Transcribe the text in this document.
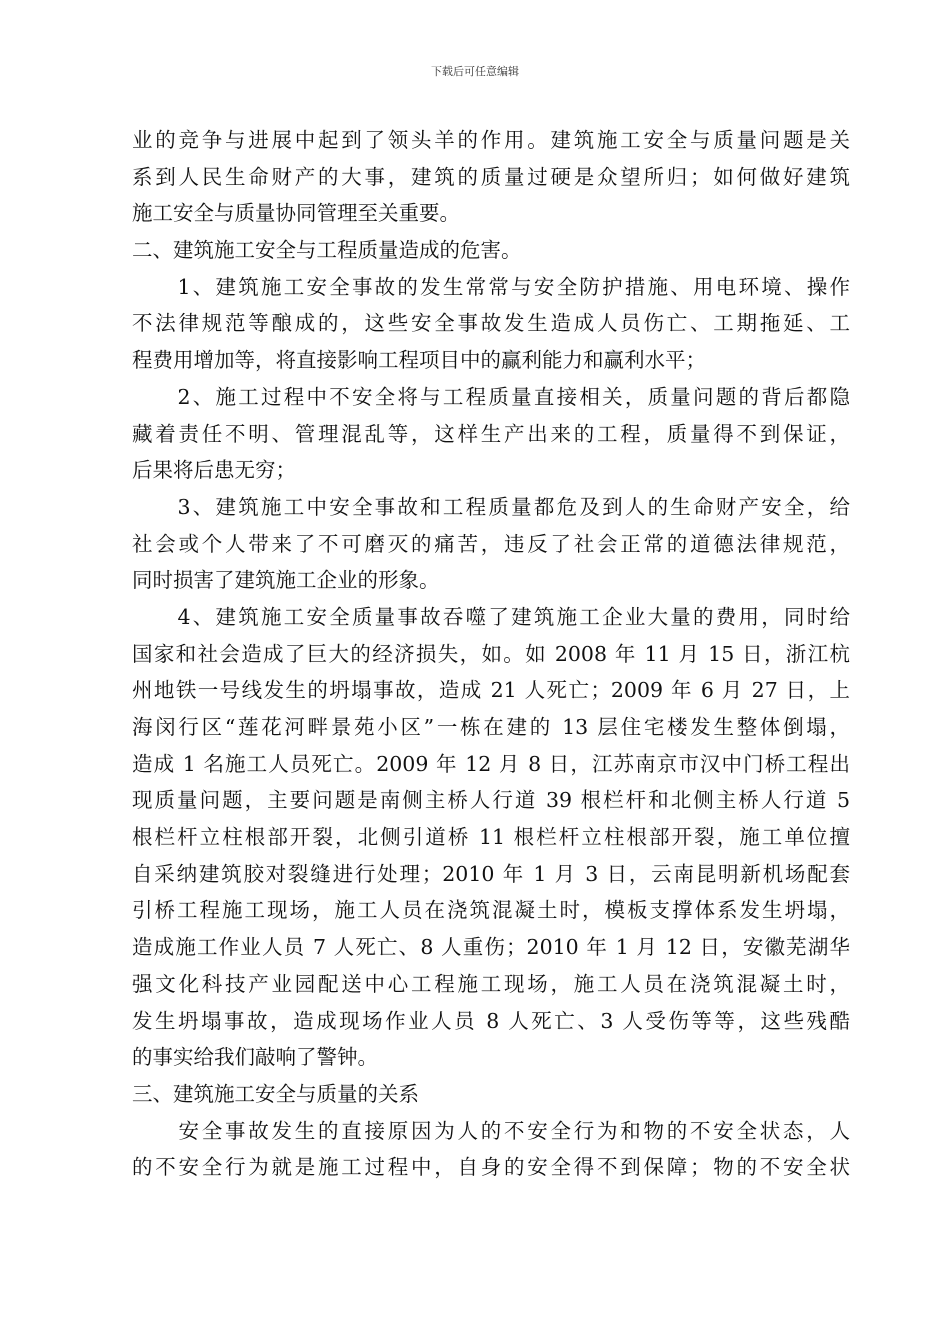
下载后可任意编辑
业的竞争与进展中起到了领头羊的作用。建筑施工安全与质量问题是关
系到人民生命财产的大事，建筑的质量过硬是众望所归；如何做好建筑
施工安全与质量协同管理至关重要。
二、建筑施工安全与工程质量造成的危害。
　　1、建筑施工安全事故的发生常常与安全防护措施、用电环境、操作
不法律规范等酿成的，这些安全事故发生造成人员伤亡、工期拖延、工
程费用增加等，将直接影响工程项目中的赢利能力和赢利水平；
　　2、施工过程中不安全将与工程质量直接相关，质量问题的背后都隐
藏着责任不明、管理混乱等，这样生产出来的工程，质量得不到保证，
后果将后患无穷；
　　3、建筑施工中安全事故和工程质量都危及到人的生命财产安全，给
社会或个人带来了不可磨灭的痛苦，违反了社会正常的道德法律规范，
同时损害了建筑施工企业的形象。
　　4、建筑施工安全质量事故吞噬了建筑施工企业大量的费用，同时给
国家和社会造成了巨大的经济损失，如。如 2008 年 11 月 15 日，浙江杭
州地铁一号线发生的坍塌事故，造成 21 人死亡；2009 年 6 月 27 日，上
海闵行区“莲花河畔景苑小区”一栋在建的 13 层住宅楼发生整体倒塌，
造成 1 名施工人员死亡。2009 年 12 月 8 日，江苏南京市汉中门桥工程出
现质量问题，主要问题是南侧主桥人行道 39 根栏杆和北侧主桥人行道 5
根栏杆立柱根部开裂，北侧引道桥 11 根栏杆立柱根部开裂，施工单位擅
自采纳建筑胶对裂缝进行处理；2010 年 1 月 3 日，云南昆明新机场配套
引桥工程施工现场，施工人员在浇筑混凝土时，模板支撑体系发生坍塌，
造成施工作业人员 7 人死亡、8 人重伤；2010 年 1 月 12 日，安徽芜湖华
强文化科技产业园配送中心工程施工现场，施工人员在浇筑混凝土时，
发生坍塌事故，造成现场作业人员 8 人死亡、3 人受伤等等，这些残酷
的事实给我们敲响了警钟。
三、建筑施工安全与质量的关系
　　安全事故发生的直接原因为人的不安全行为和物的不安全状态，人
的不安全行为就是施工过程中，自身的安全得不到保障；物的不安全状
